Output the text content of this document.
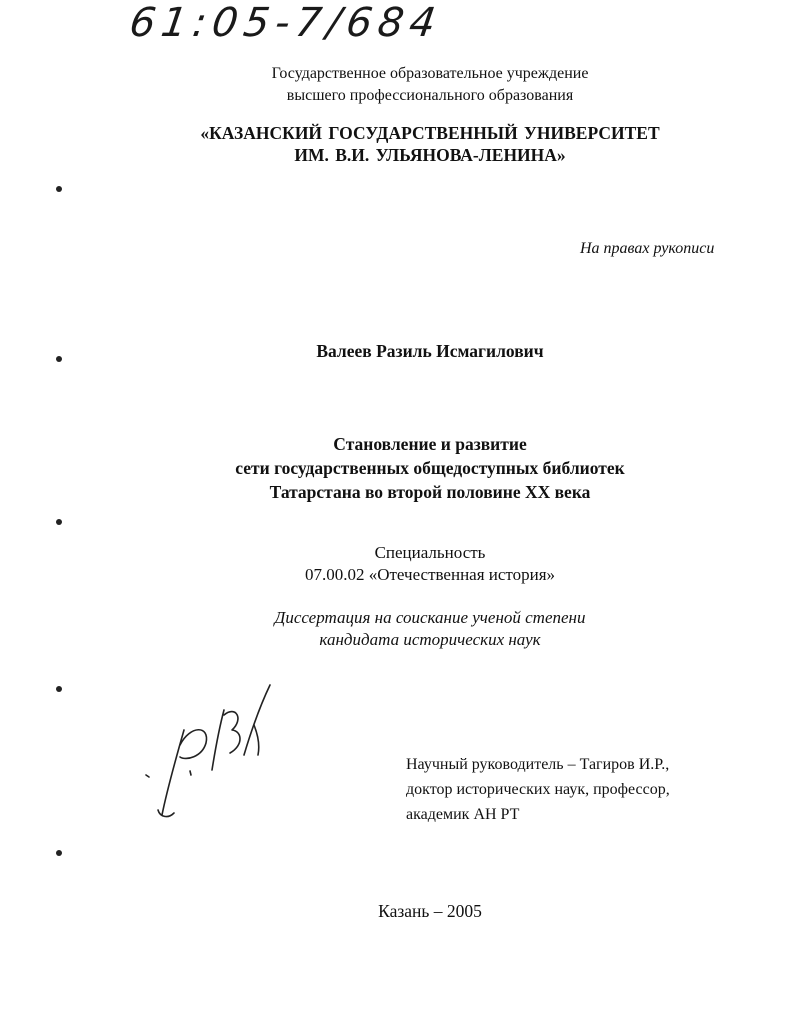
61:05-7/684
Государственное образовательное учреждение
высшего профессионального образования
«КАЗАНСКИЙ ГОСУДАРСТВЕННЫЙ УНИВЕРСИТЕТ
ИМ. В.И. УЛЬЯНОВА-ЛЕНИНА»
На правах рукописи
Валеев Разиль Исмагилович
Становление и развитие
сети государственных общедоступных библиотек
Татарстана во второй половине XX века
Специальность
07.00.02 «Отечественная история»
Диссертация на соискание ученой степени
кандидата исторических наук
Научный руководитель – Тагиров И.Р.,
доктор исторических наук, профессор,
академик АН РТ
Казань – 2005
